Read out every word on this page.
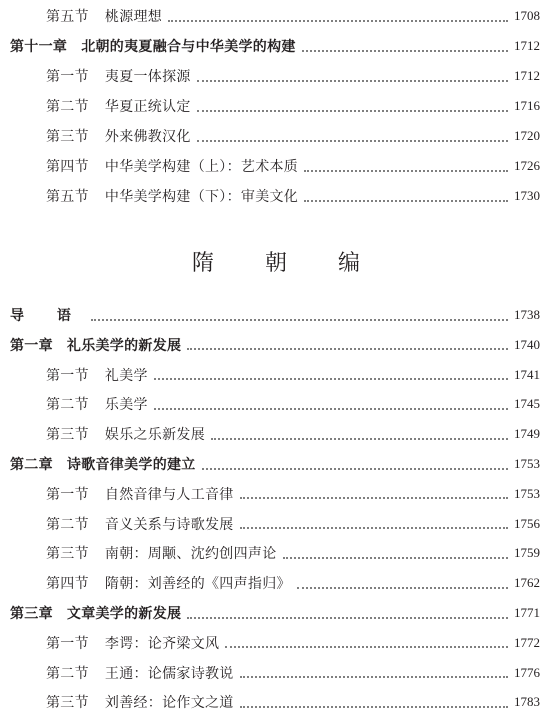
第五节 桃源理想	1708
第十一章 北朝的夷夏融合与中华美学的构建	1712
第一节 夷夏一体探源	1712
第二节 华夏正统认定	1716
第三节 外来佛教汉化	1720
第四节 中华美学构建（上）：艺术本质	1726
第五节 中华美学构建（下）：审美文化	1730
隋 朝 编
导 语	1738
第一章 礼乐美学的新发展	1740
第一节 礼美学	1741
第二节 乐美学	1745
第三节 娱乐之乐新发展	1749
第二章 诗歌音律美学的建立	1753
第一节 自然音律与人工音律	1753
第二节 音义关系与诗歌发展	1756
第三节 南朝：周颙、沈约创四声论	1759
第四节 隋朝：刘善经的《四声指归》	1762
第三章 文章美学的新发展	1771
第一节 李谔：论齐梁文风	1772
第二节 王通：论儒家诗教说	1776
第三节 刘善经：论作文之道	1783
